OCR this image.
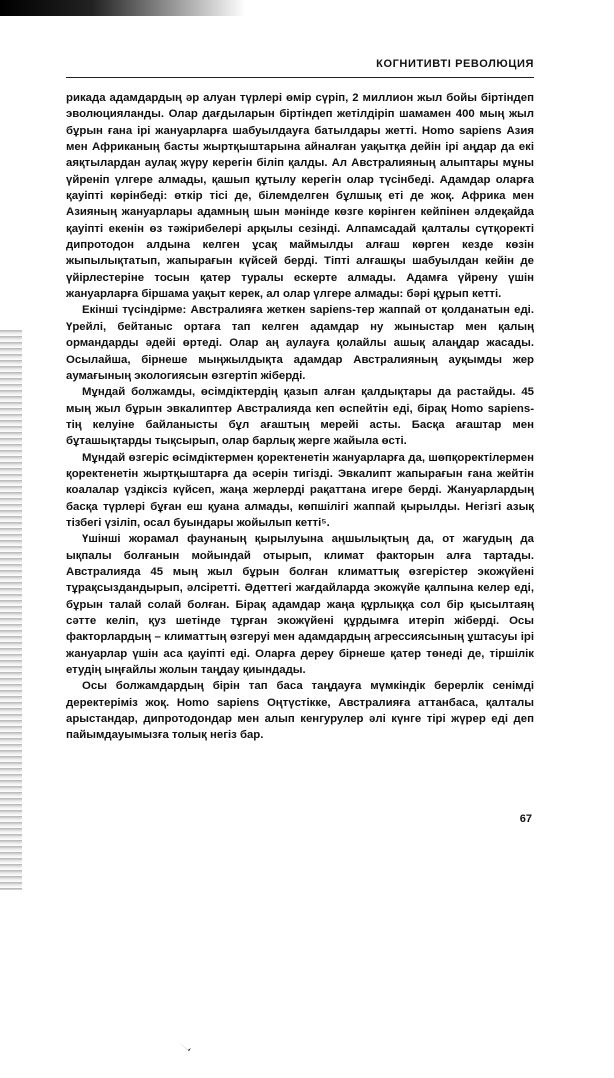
КОГНИТИВТІ РЕВОЛЮЦИЯ

рикада адамдардың әр алуан түрлері өмір сүріп, 2 миллион жыл бойы біртіндеп эволюцияланды. Олар дағдыларын біртіндеп жетілдіріп шамамен 400 мың жыл бұрын ғана ірі жануарларға шабуылдауға батылдары жетті. Homo sapiens Азия мен Африканың басты жыртқыштарына айналған уақытқа дейін ірі аңдар да екі аяқтылардан аулақ жүру керегін біліп қалды. Ал Австралияның алыптары мұны үйреніп үлгере алмады, қашып құтылу керегін олар түсінбеді. Адамдар оларға қауіпті көрінбеді: өткір тісі де, білемделген бұлшық еті де жоқ. Африка мен Азияның жануарлары адамның шын мәнінде көзге көрінген кейпінен әлдеқайда қауіпті екенін өз тәжірибелері арқылы сезінді. Алпамсадай қалталы сүтқоректі дипротодон алдына келген ұсақ маймылды алғаш көрген кезде көзін жыпылықтатып, жапырағын күйсей берді. Тіпті алғашқы шабуылдан кейін де үйірлестеріне тосын қатер туралы ескерте алмады. Адамға үйрену үшін жануарларға біршама уақыт керек, ал олар үлгере алмады: бәрі құрып кетті.

Екінші түсіндірме: Австралияға жеткен sapiens-тер жаппай от қолданатын еді. Үрейлі, бейтаныс ортаға тап келген адамдар ну жыныстар мен қалың ормандарды әдейі өртеді. Олар аң аулауға қолайлы ашық алаңдар жасады. Осылайша, бірнеше мыңжылдықта адамдар Австралияның ауқымды жер аумағының экологиясын өзгертіп жіберді.

Мұндай болжамды, өсімдіктердің қазып алған қалдықтары да растайды. 45 мың жыл бұрын эвкалиптер Австралияда кеп өспейтін еді, бірақ Homo sapiens-тің келуіне байланысты бұл ағаштың мерейі асты. Басқа ағаштар мен бұташықтарды тықсырып, олар барлық жерге жайыла өсті.

Мұндай өзгеріс өсімдіктермен қоректенетін жануарларға да, шөпқоректілермен қоректенетін жыртқыштарға да әсерін тигізді. Эвкалипт жапырағын ғана жейтін коалалар үздіксіз күйсеп, жаңа жерлерді рақаттана игере берді. Жануарлардың басқа түрлері бұған еш қуана алмады, көпшілігі жаппай қырылды. Негізгі азық тізбегі үзіліп, осал буындары жойылып кетті⁵.

Үшінші жорамал фаунаның қырылуына аңшылықтың да, от жағудың да ықпалы болғанын мойындай отырып, климат факторын алға тартады. Австралияда 45 мың жыл бұрын болған климаттық өзгерістер экожүйені тұрақсыздандырып, әлсіретті. Әдеттегі жағдайларда экожүйе қалпына келер еді, бұрын талай солай болған. Бірақ адамдар жаңа құрлыққа сол бір қысылтаяң сәтте келіп, қуз шетінде тұрған экожүйені құрдымға итеріп жіберді. Осы факторлардың – климаттың өзгеруі мен адамдардың агрессиясының ұштасуы ірі жануарлар үшін аса қауіпті еді. Оларға дереу бірнеше қатер төнеді де, тіршілік етудің ыңғайлы жолын таңдау қиындады.

Осы болжамдардың бірін тап баса таңдауға мүмкіндік берерлік сенімді деректеріміз жоқ. Homo sapiens Оңтүстікке, Австралияға аттанбаса, қалталы арыстандар, дипротодондар мен алып кенгурулер әлі күнге тірі жүрер еді деп пайымдауымызға толық негіз бар.

67
